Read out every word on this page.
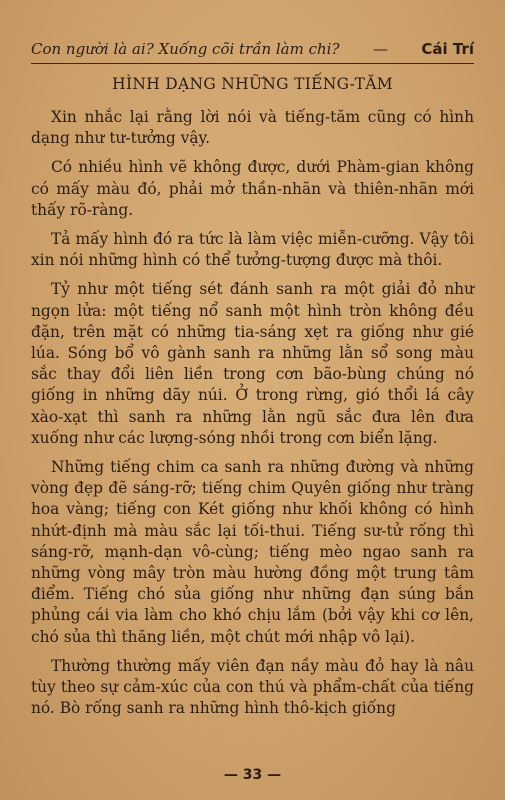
Con người là ai? Xuống cõi trần làm chi? — Cái Trí
HÌNH DẠNG NHỮNG TIẾNG-TĂM

Xin nhắc lại rằng lời nói và tiếng-tăm cũng có hình dạng như tư-tưởng vậy.

Có nhiều hình vẽ không được, dưới Phàm-gian không có mấy màu đó, phải mở thần-nhãn và thiên-nhãn mới thấy rõ-ràng.

Tả mấy hình đó ra tức là làm việc miễn-cưỡng. Vậy tôi xin nói những hình có thể tưởng-tượng được mà thôi.

Tỷ như một tiếng sét đánh sanh ra một giải đỏ như ngọn lửa: một tiếng nổ sanh một hình tròn không đều đặn, trên mặt có những tia-sáng xẹt ra giống như gié lúa. Sóng bổ vô gành sanh ra những lằn sổ song màu sắc thay đổi liên liền trong cơn bão-bùng chúng nó giống in những dãy núi. Ở trong rừng, gió thổi lá cây xào-xạt thì sanh ra những lằn ngũ sắc đưa lên đưa xuống như các lượng-sóng nhồi trong cơn biển lặng.

Những tiếng chim ca sanh ra những đường và những vòng đẹp đẽ sáng-rỡ; tiếng chim Quyên giống như tràng hoa vàng; tiếng con Két giống như khối không có hình nhứt-định mà màu sắc lại tối-thui. Tiếng sư-tử rống thì sáng-rỡ, mạnh-dạn vô-cùng; tiếng mèo ngao sanh ra những vòng mây tròn màu hường đồng một trung tâm điểm. Tiếng chó sủa giống như những đạn súng bắn phủng cái via làm cho khó chịu lắm (bởi vậy khi cơ lên, chó sủa thì thăng liền, một chút mới nhập vô lại).

Thường thường mấy viên đạn nầy màu đỏ hay là nâu tùy theo sự cảm-xúc của con thú và phẩm-chất của tiếng nó. Bò rống sanh ra những hình thô-kịch giống

— 33 —
